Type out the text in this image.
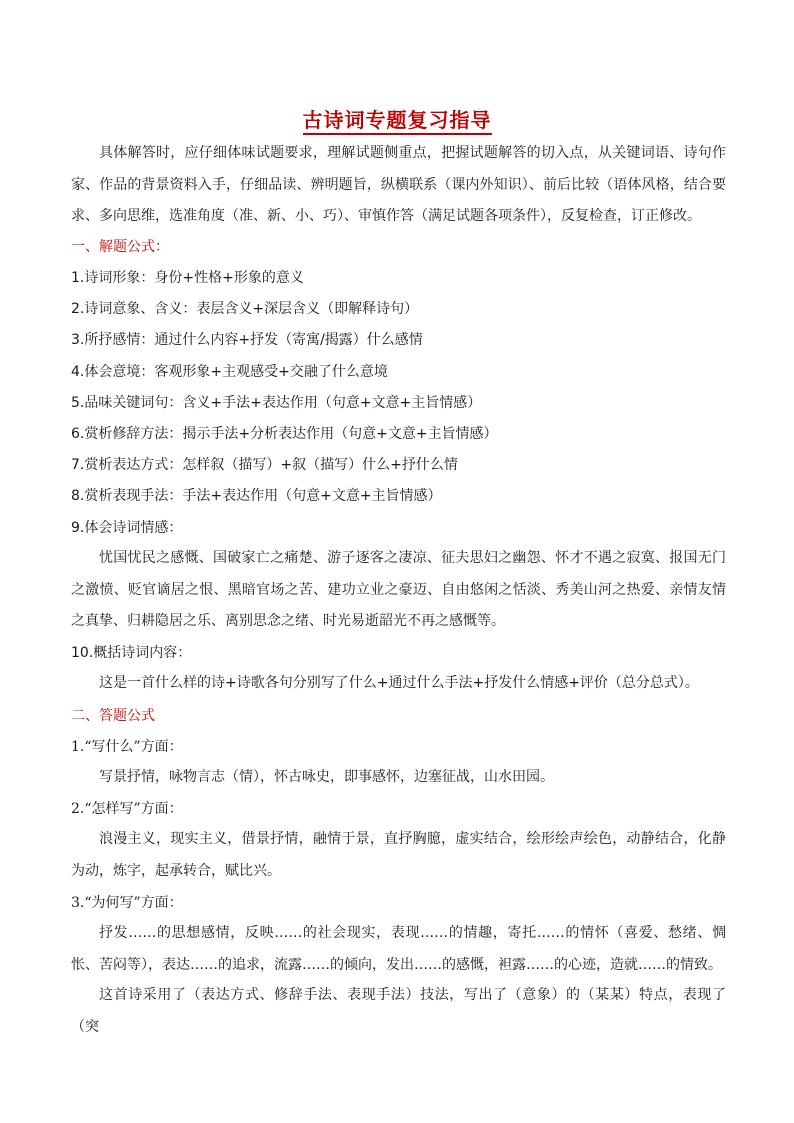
古诗词专题复习指导

具体解答时，应仔细体味试题要求，理解试题侧重点，把握试题解答的切入点，从关键词语、诗句作家、作品的背景资料入手，仔细品读、辨明题旨，纵横联系（课内外知识）、前后比较（语体风格，结合要求、多向思维，选准角度（准、新、小、巧）、审慎作答（满足试题各项条件），反复检查，订正修改。

一、解题公式：

1.诗词形象：身份+性格+形象的意义

2.诗词意象、含义：表层含义+深层含义（即解释诗句）

3.所抒感情：通过什么内容+抒发（寄寓/揭露）什么感情

4.体会意境：客观形象+主观感受+交融了什么意境

5.品味关键词句：含义+手法+表达作用（句意+文意+主旨情感）

6.赏析修辞方法：揭示手法+分析表达作用（句意+文意+主旨情感）

7.赏析表达方式：怎样叙（描写）+叙（描写）什么+抒什么情

8.赏析表现手法：手法+表达作用（句意+文意+主旨情感）

9.体会诗词情感：

忧国忧民之感慨、国破家亡之痛楚、游子逐客之凄凉、征夫思妇之幽怨、怀才不遇之寂寞、报国无门之激愤、贬官谪居之恨、黑暗官场之苦、建功立业之豪迈、自由悠闲之恬淡、秀美山河之热爱、亲情友情之真挚、归耕隐居之乐、离别思念之绪、时光易逝韶光不再之感慨等。

10.概括诗词内容：

这是一首什么样的诗+诗歌各句分别写了什么+通过什么手法+抒发什么情感+评价（总分总式）。

二、答题公式

1.“写什么”方面：

写景抒情，咏物言志（情），怀古咏史，即事感怀，边塞征战，山水田园。

2.“怎样写”方面：

浪漫主义，现实主义，借景抒情，融情于景，直抒胸臆，虚实结合，绘形绘声绘色，动静结合，化静为动，炼字，起承转合，赋比兴。

3.“为何写”方面：

抒发……的思想感情，反映……的社会现实，表现……的情趣，寄托……的情怀（喜爱、愁绪、惆怅、苦闷等），表达……的追求，流露……的倾向，发出……的感慨，袒露……的心迹，造就……的情致。

这首诗采用了（表达方式、修辞手法、表现手法）技法，写出了（意象）的（某某）特点，表现了（突
